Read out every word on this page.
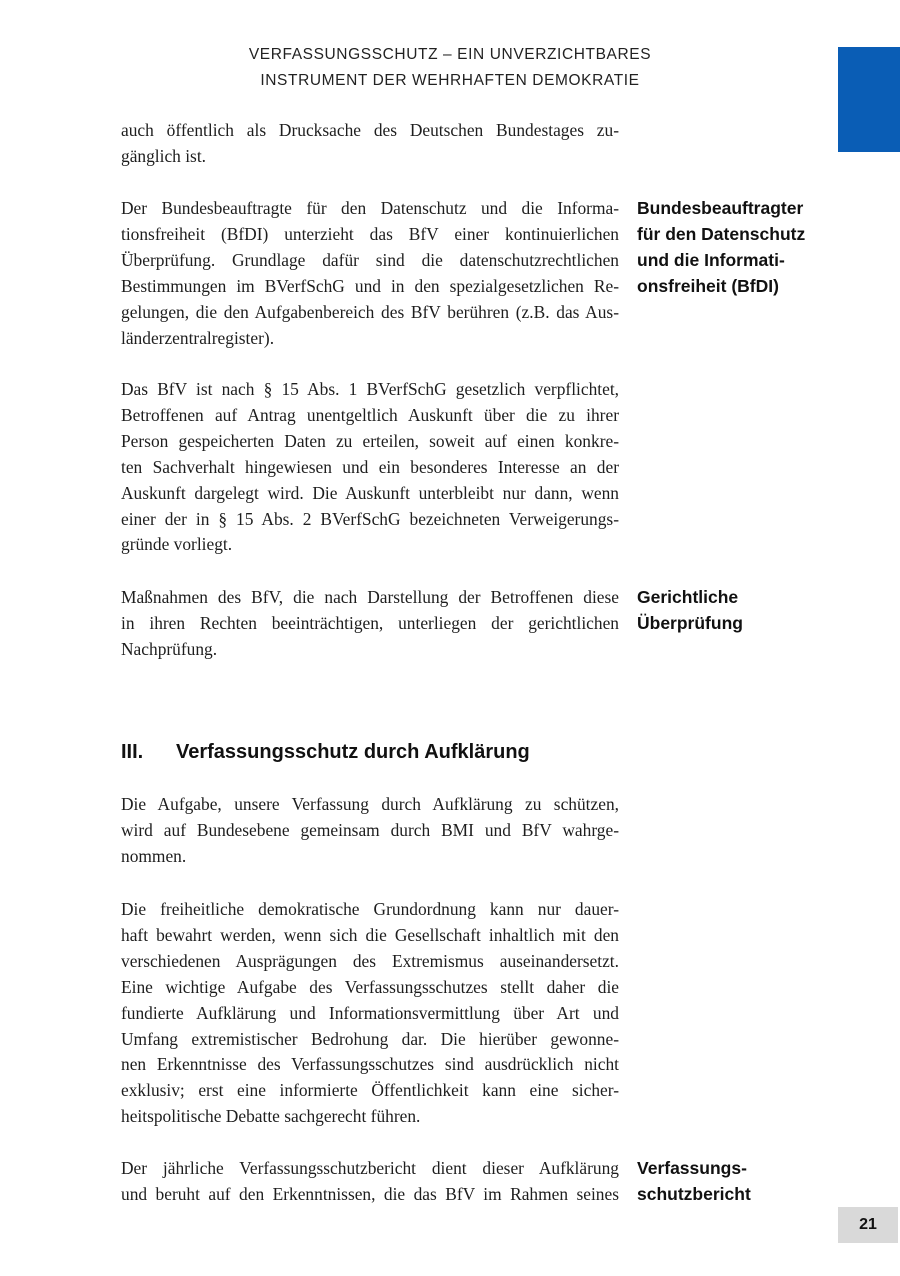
VERFASSUNGSSCHUTZ – EIN UNVERZICHTBARES
INSTRUMENT DER WEHRHAFTEN DEMOKRATIE
auch öffentlich als Drucksache des Deutschen Bundestages zu-
gänglich ist.
Der Bundesbeauftragte für den Datenschutz und die Informa-
tionsfreiheit (BfDI) unterzieht das BfV einer kontinuierlichen
Überprüfung. Grundlage dafür sind die datenschutzrechtlichen
Bestimmungen im BVerfSchG und in den spezialgesetzlichen Re-
gelungen, die den Aufgabenbereich des BfV berühren (z.B. das Aus-
länderzentralregister).
Bundesbeauftragter
für den Datenschutz
und die Informati-
onsfreiheit (BfDI)
Das BfV ist nach § 15 Abs. 1 BVerfSchG gesetzlich verpflichtet,
Betroffenen auf Antrag unentgeltlich Auskunft über die zu ihrer
Person gespeicherten Daten zu erteilen, soweit auf einen konkre-
ten Sachverhalt hingewiesen und ein besonderes Interesse an der
Auskunft dargelegt wird. Die Auskunft unterbleibt nur dann, wenn
einer der in § 15 Abs. 2 BVerfSchG bezeichneten Verweigerungs-
gründe vorliegt.
Maßnahmen des BfV, die nach Darstellung der Betroffenen diese
in ihren Rechten beeinträchtigen, unterliegen der gerichtlichen
Nachprüfung.
Gerichtliche
Überprüfung
III. Verfassungsschutz durch Aufklärung
Die Aufgabe, unsere Verfassung durch Aufklärung zu schützen,
wird auf Bundesebene gemeinsam durch BMI und BfV wahrge-
nommen.
Die freiheitliche demokratische Grundordnung kann nur dauer-
haft bewahrt werden, wenn sich die Gesellschaft inhaltlich mit den
verschiedenen Ausprägungen des Extremismus auseinandersetzt.
Eine wichtige Aufgabe des Verfassungsschutzes stellt daher die
fundierte Aufklärung und Informationsvermittlung über Art und
Umfang extremistischer Bedrohung dar. Die hierüber gewonne-
nen Erkenntnisse des Verfassungsschutzes sind ausdrücklich nicht
exklusiv; erst eine informierte Öffentlichkeit kann eine sicher-
heitspolitische Debatte sachgerecht führen.
Der jährliche Verfassungsschutzbericht dient dieser Aufklärung
und beruht auf den Erkenntnissen, die das BfV im Rahmen seines
Verfassungs-
schutzbericht
21
